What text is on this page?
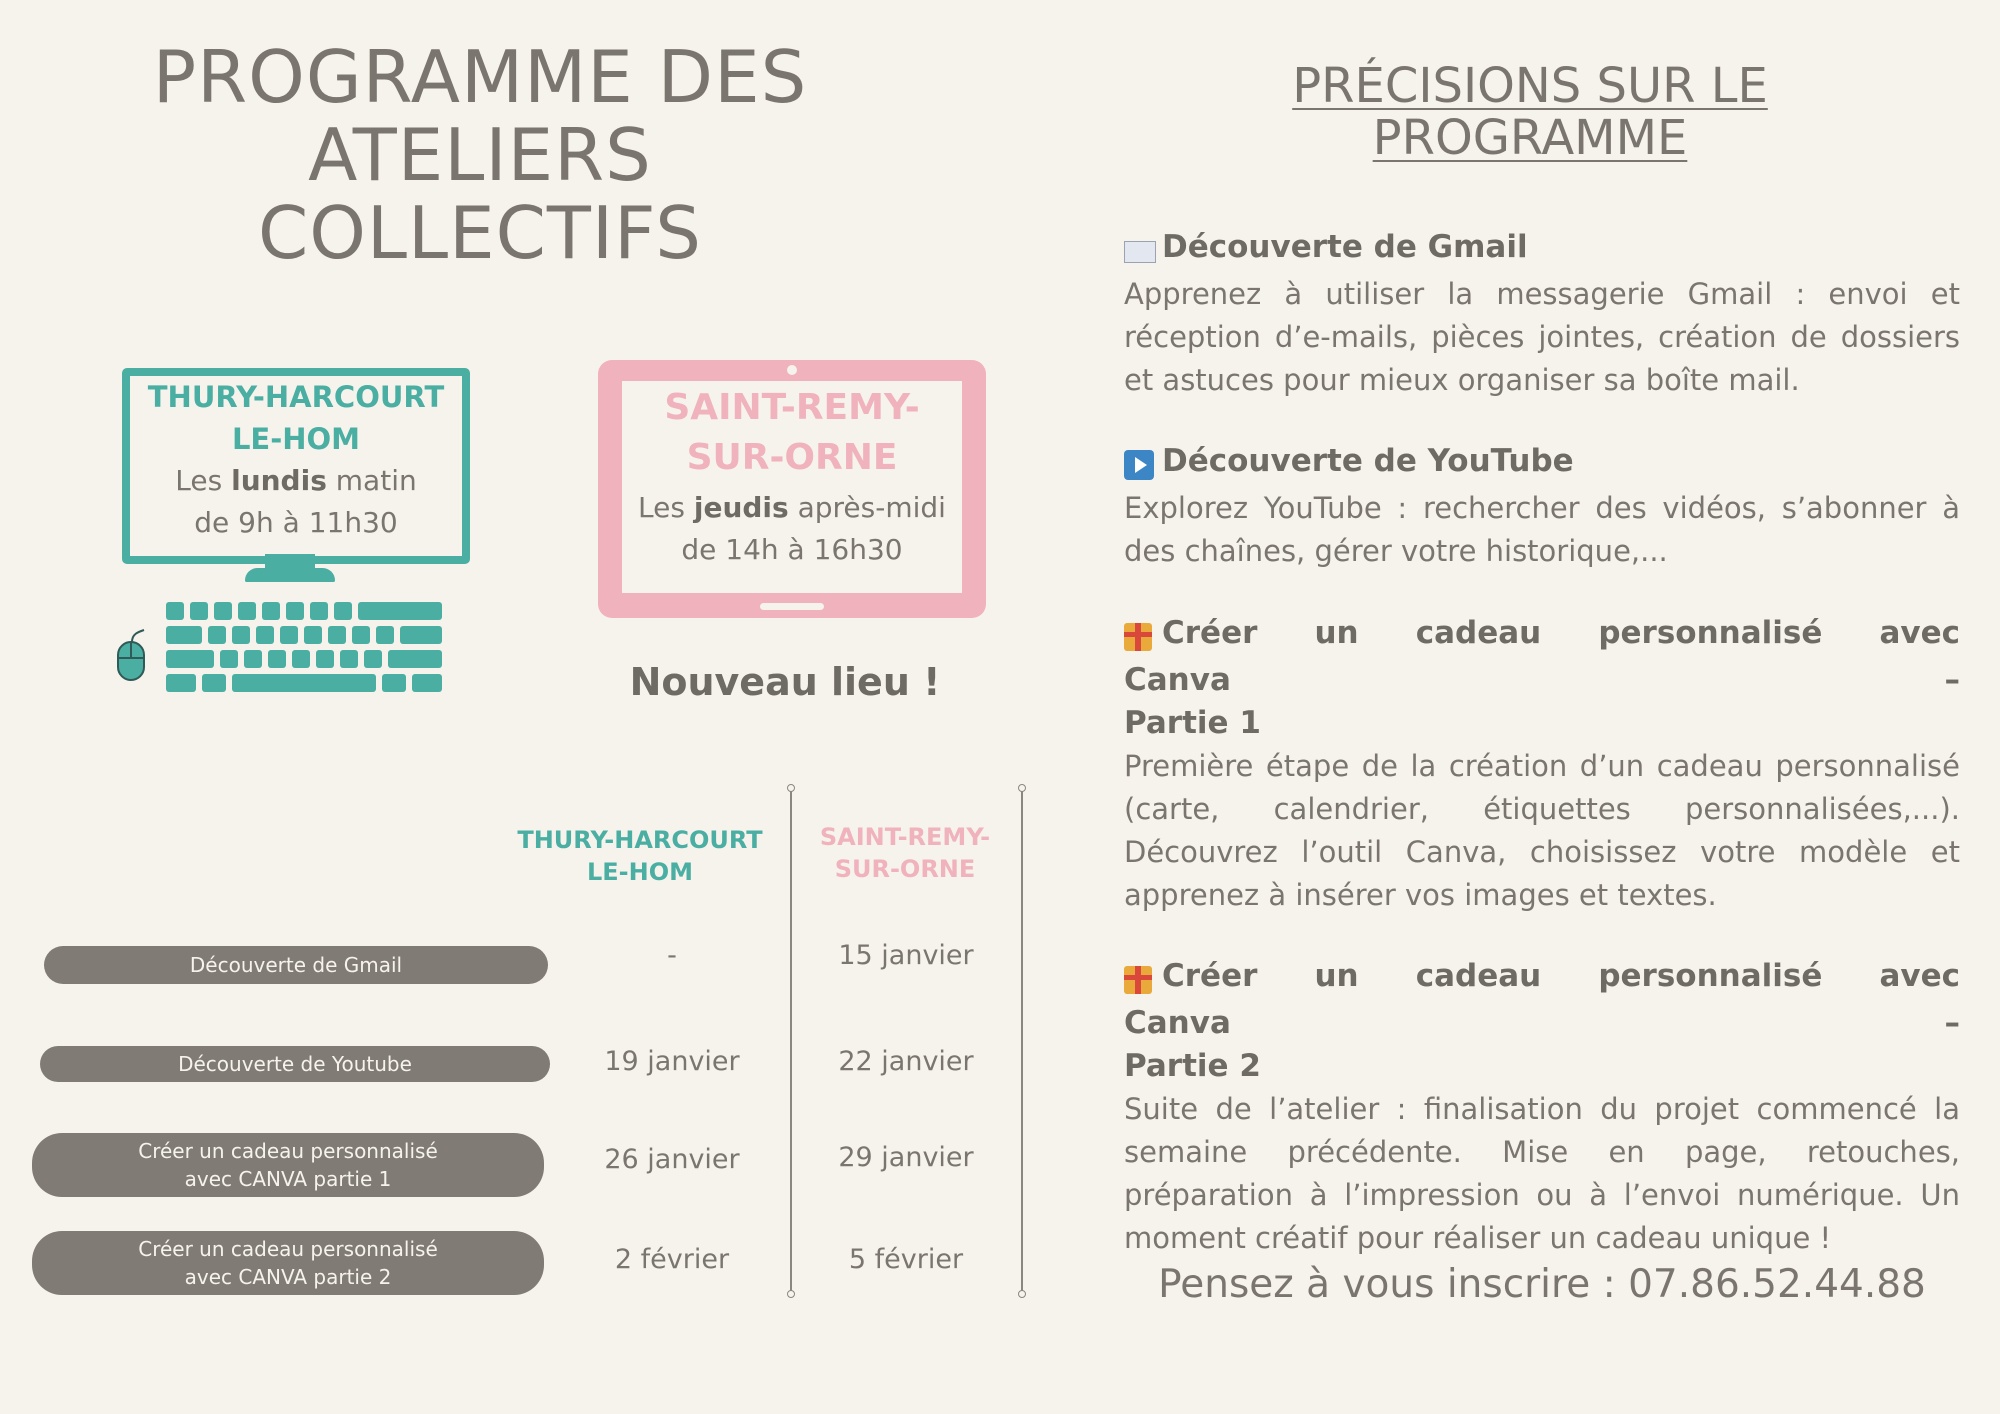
PROGRAMME DES
ATELIERS
COLLECTIFS
THURY-HARCOURT
LE-HOM
Les lundis matin
de 9h à 11h30
SAINT-REMY-
SUR-ORNE
Les jeudis après-midi
de 14h à 16h30
Nouveau lieu !
THURY-HARCOURT
LE-HOM
SAINT-REMY-
SUR-ORNE
Découverte de Gmail	-	15 janvier
Découverte de Youtube	19 janvier	22 janvier
Créer un cadeau personnalisé
avec CANVA partie 1
26 janvier	29 janvier
Créer un cadeau personnalisé
avec CANVA partie 2
2 février	5 février
PRÉCISIONS SUR LE
PROGRAMME
Découverte de Gmail
Apprenez à utiliser la messagerie Gmail : envoi et réception d’e-mails, pièces jointes, création de dossiers et astuces pour mieux organiser sa boîte mail.
Découverte de YouTube
Explorez YouTube : rechercher des vidéos, s’abonner à des chaînes, gérer votre historique,...
Créer un cadeau personnalisé avec Canva –
Partie 1
Première étape de la création d’un cadeau personnalisé (carte, calendrier, étiquettes personnalisées,...). Découvrez l’outil Canva, choisissez votre modèle et apprenez à insérer vos images et textes.
Créer un cadeau personnalisé avec Canva –
Partie 2
Suite de l’atelier : finalisation du projet commencé la semaine précédente. Mise en page, retouches, préparation à l’impression ou à l’envoi numérique. Un moment créatif pour réaliser un cadeau unique !
Pensez à vous inscrire : 07.86.52.44.88
